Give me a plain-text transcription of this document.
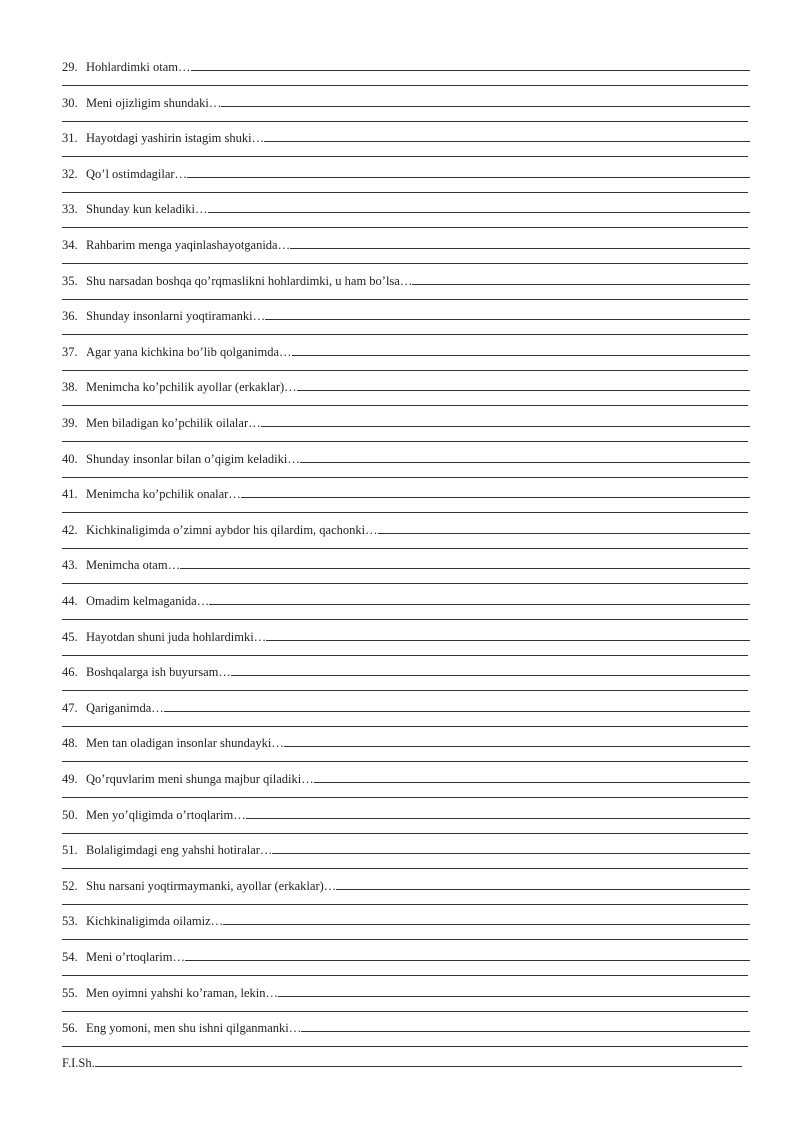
29. Hohlardimki otam…
30. Meni ojizligim shundaki…
31. Hayotdagi yashirin istagim shuki…
32. Qo’l ostimdagilar…
33. Shunday kun keladiki…
34. Rahbarim menga yaqinlashayotganida…
35. Shu narsadan boshqa qo’rqmaslikni hohlardimki, u ham bo’lsa…
36. Shunday insonlarni yoqtiramanki…
37. Agar yana kichkina bo’lib qolganimda…
38. Menimcha ko’pchilik ayollar (erkaklar)…
39. Men biladigan ko’pchilik oilalar…
40. Shunday insonlar bilan o’qigim keladiki…
41. Menimcha ko’pchilik onalar…
42. Kichkinaligimda o’zimni aybdor his qilardim, qachonki…
43. Menimcha otam…
44. Omadim kelmaganida…
45. Hayotdan shuni juda hohlardimki…
46. Boshqalarga ish buyursam…
47. Qariganimda…
48. Men tan oladigan insonlar shundayki…
49. Qo’rquvlarim meni shunga majbur qiladiki…
50. Men yo’qligimda o’rtoqlarim…
51. Bolaligimdagi eng yahshi hotiralar…
52. Shu narsani yoqtirmaymanki, ayollar (erkaklar)…
53. Kichkinaligimda oilamiz…
54. Meni o’rtoqlarim…
55. Men oyimni yahshi ko’raman, lekin…
56. Eng yomoni, men shu ishni qilganmanki…
F.I.Sh.
